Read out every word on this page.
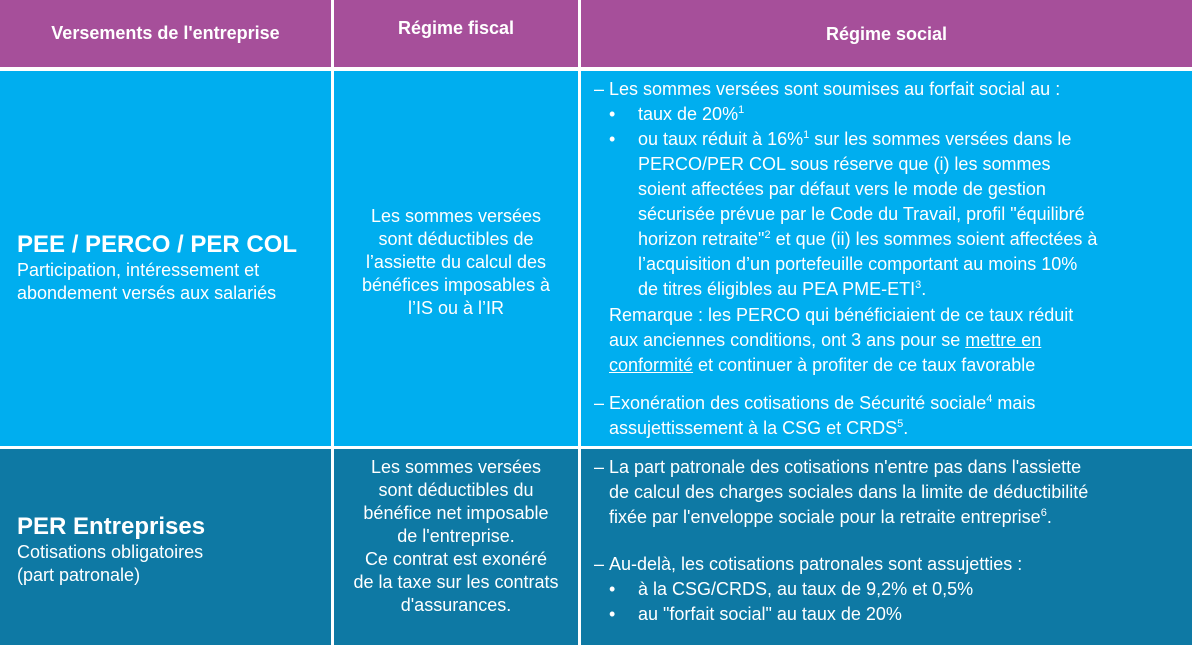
Versements de l'entreprise	Régime fiscal	Régime social
PEE / PERCO / PER COL
Participation, intéressement et
abondement versés aux salariés
Les sommes versées
sont déductibles de
l’assiette du calcul des
bénéfices imposables à
l’IS ou à l’IR
– Les sommes versées sont soumises au forfait social au :
• taux de 20%$^1$
• ou taux réduit à 16%$^1$ sur les sommes versées dans le
PERCO/PER COL sous réserve que (i) les sommes
soient affectées par défaut vers le mode de gestion
sécurisée prévue par le Code du Travail, profil "équilibré
horizon retraite"$^2$ et que (ii) les sommes soient affectées à
l’acquisition d’un portefeuille comportant au moins 10%
de titres éligibles au PEA PME-ETI$^3$.
Remarque : les PERCO qui bénéficiaient de ce taux réduit
aux anciennes conditions, ont 3 ans pour se mettre en
conformité et continuer à profiter de ce taux favorable
– Exonération des cotisations de Sécurité sociale$^4$ mais
assujettissement à la CSG et CRDS$^5$.
PER Entreprises
Cotisations obligatoires
(part patronale)
Les sommes versées
sont déductibles du
bénéfice net imposable
de l'entreprise.
Ce contrat est exonéré
de la taxe sur les contrats
d'assurances.
– La part patronale des cotisations n'entre pas dans l'assiette
de calcul des charges sociales dans la limite de déductibilité
fixée par l'enveloppe sociale pour la retraite entreprise$^6$.
– Au-delà, les cotisations patronales sont assujetties :
• à la CSG/CRDS, au taux de 9,2% et 0,5%
• au "forfait social" au taux de 20%
